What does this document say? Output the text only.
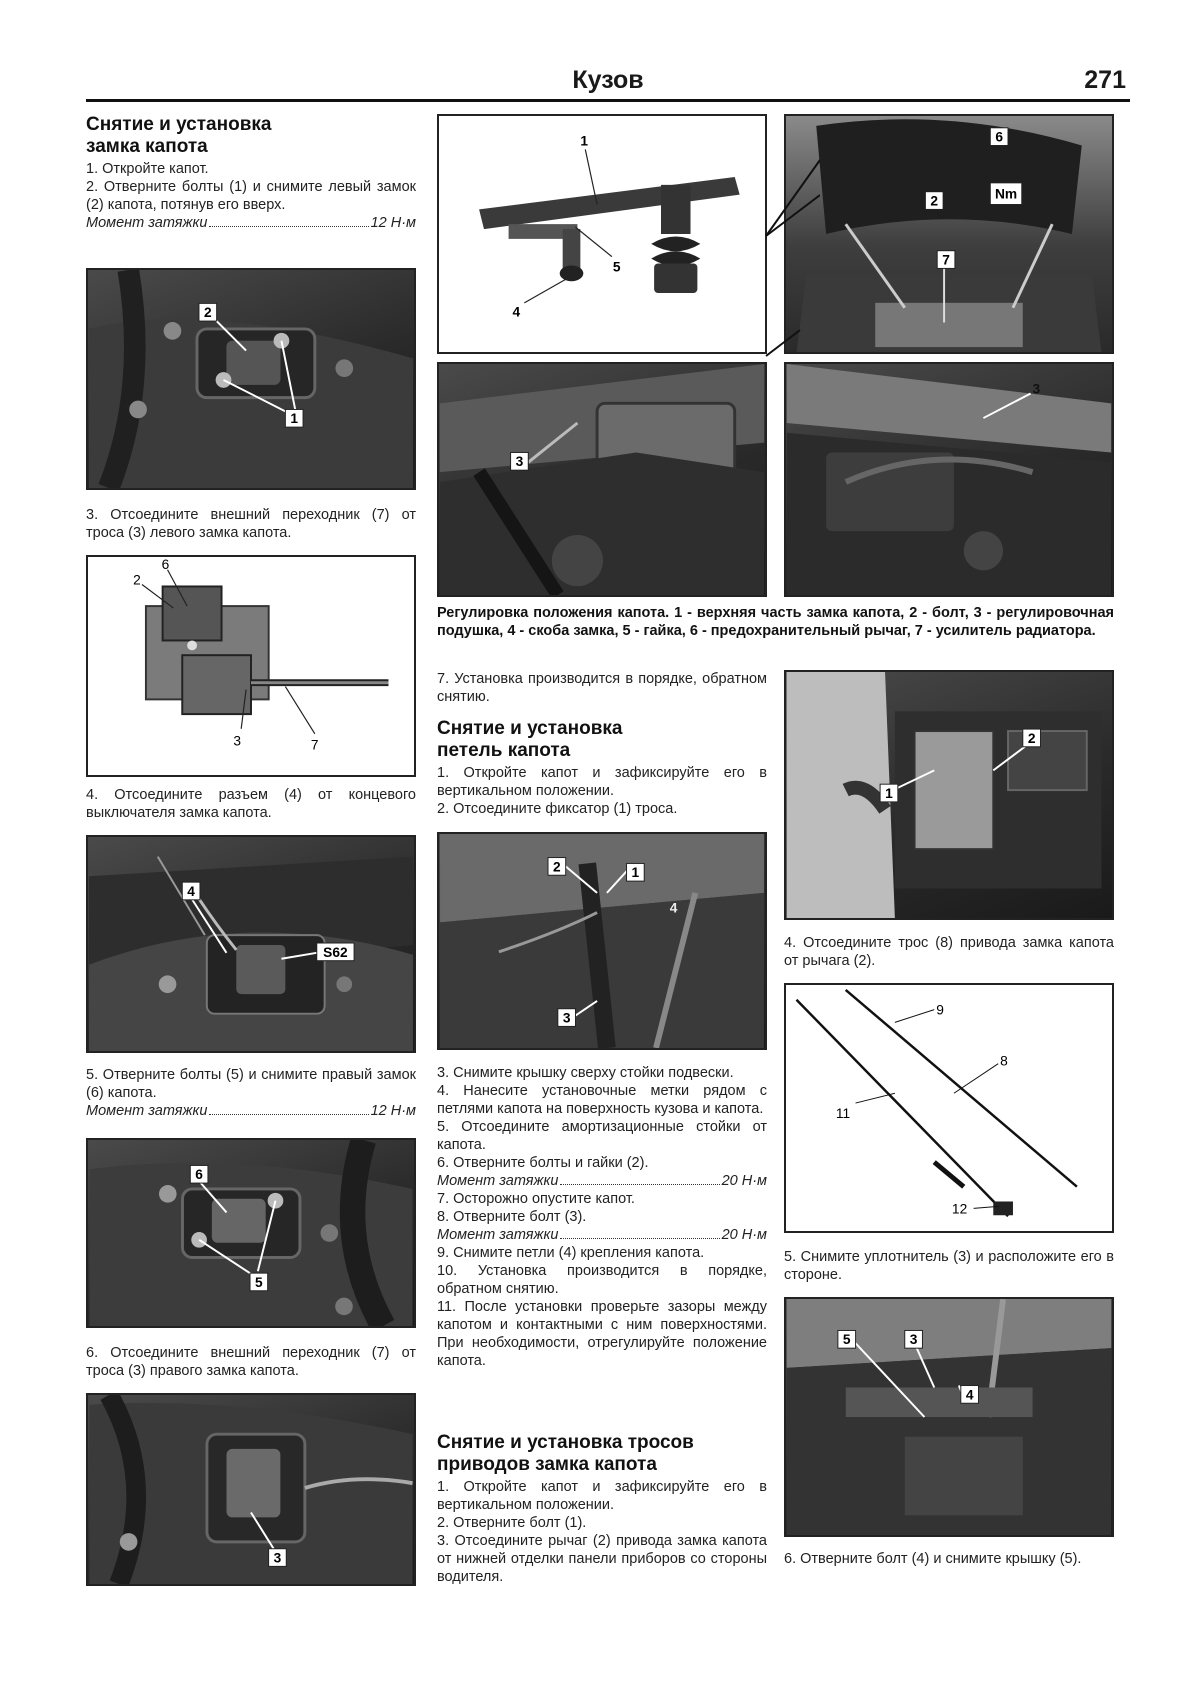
Кузов	271
Снятие и установка
замка капота

1. Откройте капот.

2. Отверните болты (1) и снимите левый замок (2) капота, потянув его вверх.

Момент затяжки	12 Н·м
2
1
3. Отсоедините внешний переходник (7) от троса (3) левого замка капота.
2
6
3	7
4. Отсоедините разъем (4) от концевого выключателя замка капота.
4
S62

5. Отверните болты (5) и снимите правый замок (6) капота.

Момент затяжки	12 Н·м
6
5
6. Отсоедините внешний переходник (7) от троса (3) правого замка капота.
3
1
5
4
Nm
6
2
7
3
3
Регулировка положения капота. 1 - верхняя часть замка капота, 2 - болт, 3 - регулировочная подушка, 4 - скоба замка, 5 - гайка, 6 - предохранительный рычаг, 7 - усилитель радиатора.
7. Установка производится в порядке, обратном снятию.
Снятие и установка
петель капота

1. Откройте капот и зафиксируйте его в вертикальном положении.

2. Отсоедините фиксатор (1) троса.

2	1
4
3

3. Снимите крышку сверху стойки подвески.

4. Нанесите установочные метки рядом с петлями капота на поверхность кузова и капота.

5. Отсоедините амортизационные стойки от капота.

6. Отверните болты и гайки (2).

Момент затяжки	20 Н·м

7. Осторожно опустите капот.

8. Отверните болт (3).

Момент затяжки	20 Н·м

9. Снимите петли (4) крепления капота.

10. Установка производится в порядке, обратном снятию.

11. После установки проверьте зазоры между капотом и контактными с ним поверхностями. При необходимости, отрегулируйте положение капота.

Снятие и установка тросов
приводов замка капота

1. Откройте капот и зафиксируйте его в вертикальном положении.

2. Отверните болт (1).

3. Отсоедините рычаг (2) привода замка капота от нижней отделки панели приборов со стороны водителя.

1
2
4. Отсоедините трос (8) привода замка капота от рычага (2).
9
8
11
12
5. Снимите уплотнитель (3) и расположите его в стороне.
5	3
4
6. Отверните болт (4) и снимите крышку (5).
